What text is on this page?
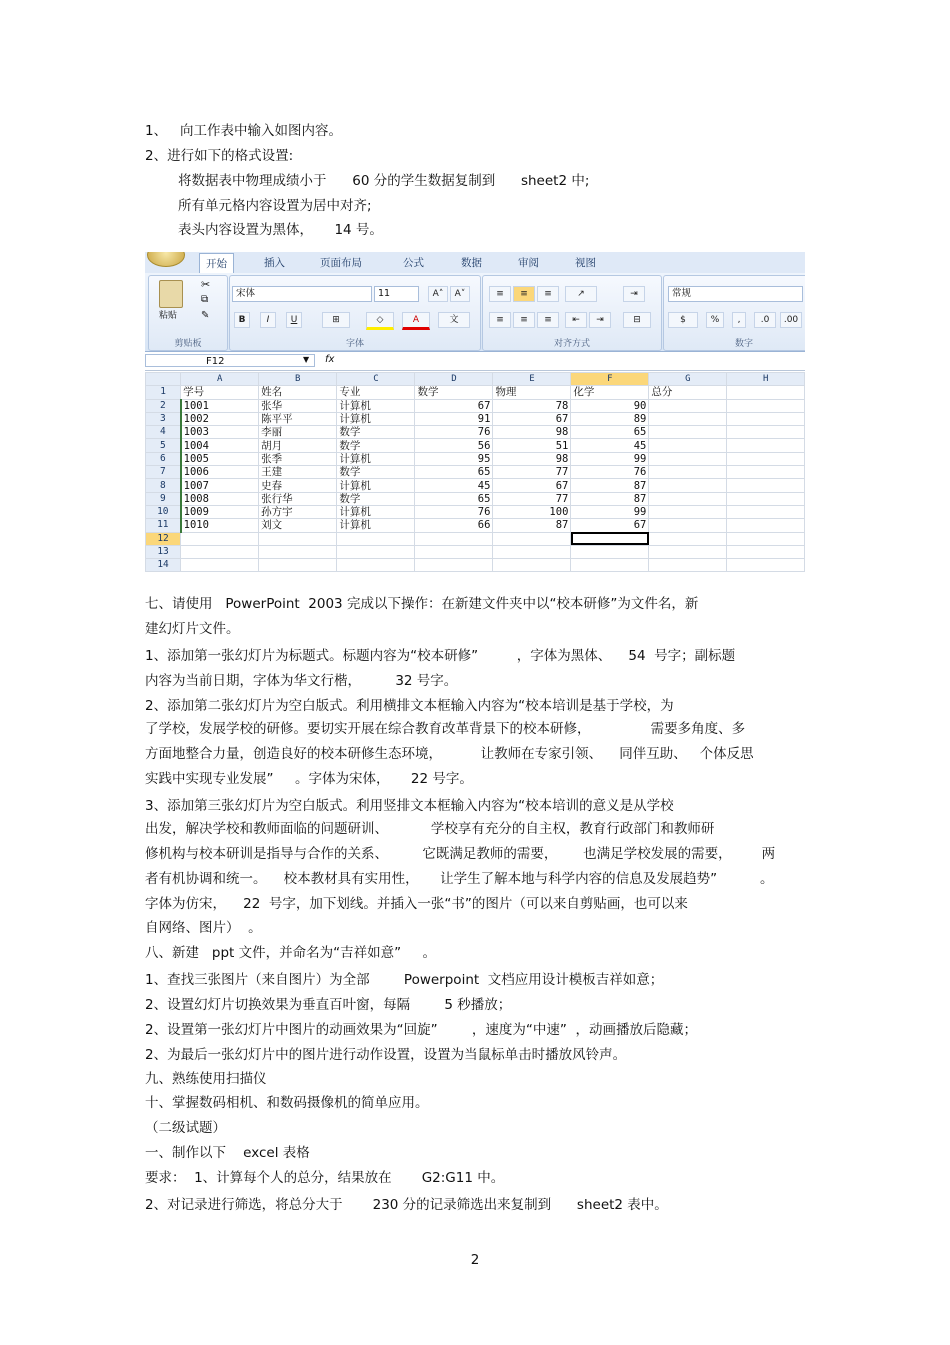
1、   向工作表中输入如图内容。
2、进行如下的格式设置:
将数据表中物理成绩小于      60 分的学生数据复制到      sheet2 中;
所有单元格内容设置为居中对齐;
表头内容设置为黑体，     14 号。
开始	插入	页面布局	公式	数据	审阅	视图
粘贴
✂
⧉
✎
剪贴板
宋体	11	A˄	A˅
B	I	U	⊞	◇	A	文
字体
≡	≡	≡	↗	⇥
≡	≡	≡	⇤	⇥	⊟
对齐方式
常规
$	%	,	.0	.00
数字
F12	▼ fx
	A	B	C	D	E	F	G	H
1	学号	姓名	专业	数学	物理	化学	总分	
2	1001	张华	计算机	67	78	90		
3	1002	陈平平	计算机	91	67	89		
4	1003	李丽	数学	76	98	65		
5	1004	胡月	数学	56	51	45		
6	1005	张季	计算机	95	98	99		
7	1006	王建	数学	65	77	76		
8	1007	史春	计算机	45	67	87		
9	1008	张行华	数学	65	77	87		
10	1009	孙方宇	计算机	76	100	99		
11	1010	刘文	计算机	66	87	67		
12								
13								
14								
七、请使用   PowerPoint  2003 完成以下操作：在新建文件夹中以“校本研修”为文件名，新
建幻灯片文件。
1、添加第一张幻灯片为标题式。标题内容为“校本研修”         ，字体为黑体、    54  号字；副标题
内容为当前日期，字体为华文行楷，        32 号字。
2、添加第二张幻灯片为空白版式。利用横排文本框输入内容为“校本培训是基于学校，为
了学校，发展学校的研修。要切实开展在综合教育改革背景下的校本研修，              需要多角度、多
方面地整合力量，创造良好的校本研修生态环境，         让教师在专家引领、    同伴互助、   个体反思
实践中实现专业发展”     。字体为宋体，     22 号字。
3、添加第三张幻灯片为空白版式。利用竖排文本框输入内容为“校本培训的意义是从学校
出发，解决学校和教师面临的问题研训、          学校享有充分的自主权，教育行政部门和教师研
修机构与校本研训是指导与合作的关系、        它既满足教师的需要，      也满足学校发展的需要，       两
者有机协调和统一。    校本教材具有实用性，     让学生了解本地与科学内容的信息及发展趋势”          。
字体为仿宋，    22  号字，加下划线。并插入一张“书”的图片（可以来自剪贴画，也可以来
自网络、图片）  。
八、新建   ppt 文件，并命名为“吉祥如意”     。
1、查找三张图片（来自图片）为全部        Powerpoint  文档应用设计模板吉祥如意；
2、设置幻灯片切换效果为垂直百叶窗，每隔        5 秒播放；
2、设置第一张幻灯片中图片的动画效果为“回旋”        ，速度为“中速”  ，动画播放后隐藏；
2、为最后一张幻灯片中的图片进行动作设置，设置为当鼠标单击时播放风铃声。
九、熟练使用扫描仪
十、掌握数码相机、和数码摄像机的简单应用。
（二级试题）
一、制作以下    excel 表格
要求：  1、计算每个人的总分，结果放在       G2:G11 中。
2、对记录进行筛选，将总分大于       230 分的记录筛选出来复制到      sheet2 表中。
2
